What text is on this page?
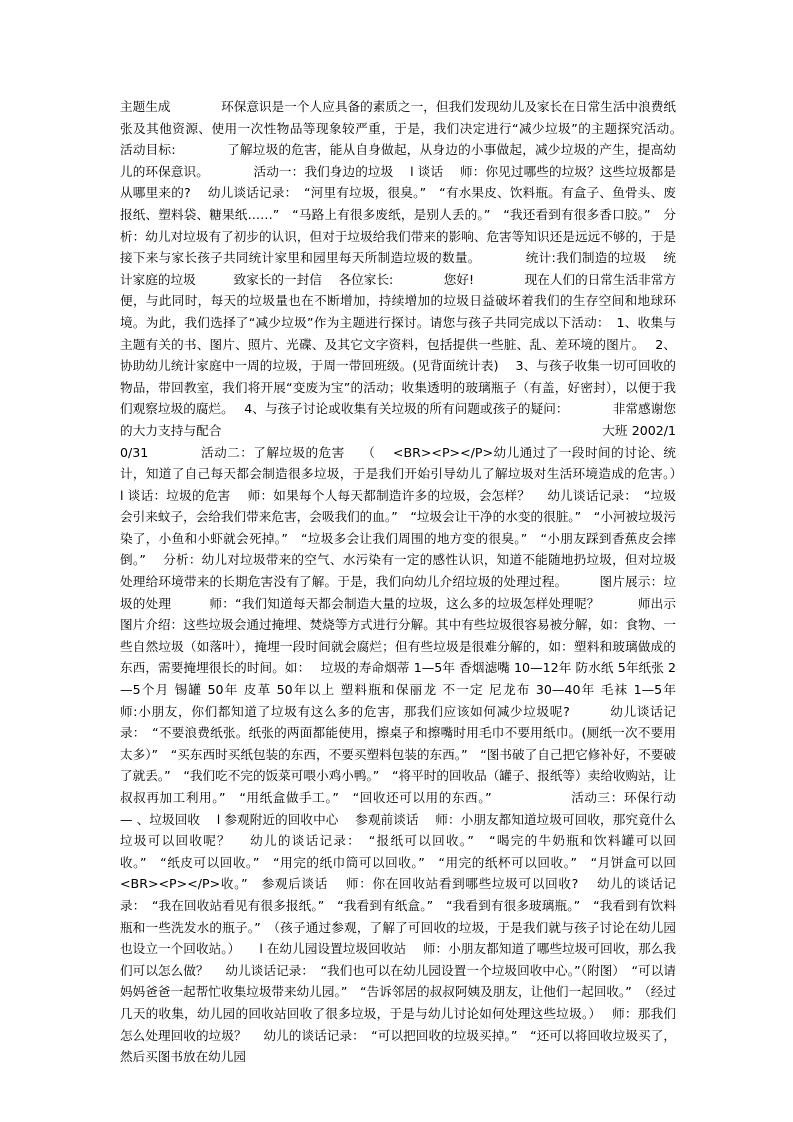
主题生成　　　　环保意识是一个人应具备的素质之一，但我们发现幼儿及家长在日常生活中浪费纸张及其他资源、使用一次性物品等现象较严重，于是，我们决定进行“减少垃圾”的主题探究活动。　　　活动目标:　　　　了解垃圾的危害，能从自身做起，从身边的小事做起，减少垃圾的产生，提高幼儿的环保意识。　　　　活动一：我们身边的垃圾　 l 谈话　 师：你见过哪些的垃圾？这些垃圾都是从哪里来的?　 幼儿谈话记录：　“河里有垃圾，很臭。”　“有水果皮、饮料瓶。有盒子、鱼骨头、废报纸、塑料袋、糖果纸……”　“马路上有很多废纸，是别人丢的。”　“我还看到有很多香口胶。”　分析：幼儿对垃圾有了初步的认识，但对于垃圾给我们带来的影响、危害等知识还是远远不够的，于是接下来与家长孩子共同统计家里和园里每天所制造垃圾的数量。　　　　统计:我们制造的垃圾　 统计家庭的垃圾　　　致家长的一封信　 各位家长:　　　　您好!　　　　现在人们的日常生活非常方便，与此同时，每天的垃圾量也在不断增加，持续增加的垃圾日益破坏着我们的生存空间和地球环境。为此，我们选择了“减少垃圾”作为主题进行探讨。请您与孩子共同完成以下活动：　1、收集与主题有关的书、图片、照片、光碟、及其它文字资料，包括提供一些脏、乱、差环境的图片。　 2、协助幼儿统计家庭中一周的垃圾，于周一带回班级。(见背面统计表)　 3、与孩子收集一切可回收的物品，带回教室，我们将开展“变废为宝”的活动；收集透明的玻璃瓶子（有盖，好密封），以便于我们观察垃圾的腐烂。　 4、与孩子讨论或收集有关垃圾的所有问题或孩子的疑问：　　　　非常感谢您的大力支持与配合　　　　　　　　　　　　　　　　　　　　　　　　　　　　　　大班 2002/10/31　　　　活动二：了解垃圾的危害　 （　 <BR><P></P>幼儿通过了一段时间的讨论、统计，知道了自己每天都会制造很多垃圾，于是我们开始引导幼儿了解垃圾对生活环境造成的危害。）　l 谈话：垃圾的危害　 师：如果每个人每天都制造许多的垃圾，会怎样？　 幼儿谈话记录：　“垃圾会引来蚊子，会给我们带来危害，会吸我们的血。”　“垃圾会让干净的水变的很脏。”　“小河被垃圾污染了，小鱼和小虾就会死掉。”　“垃圾多会让我们周围的地方变的很臭。”　“小朋友踩到香蕉皮会摔倒。”　 分析：幼儿对垃圾带来的空气、水污染有一定的感性认识，知道不能随地扔垃圾，但对垃圾处理给环境带来的长期危害没有了解。于是，我们向幼儿介绍垃圾的处理过程。　　　图片展示：垃圾的处理　　　师：“我们知道每天都会制造大量的垃圾，这么多的垃圾怎样处理呢？　　　师出示图片介绍：这些垃圾会通过掩埋、焚烧等方式进行分解。其中有些垃圾很容易被分解，如：食物、一些自然垃圾（如落叶），掩埋一段时间就会腐烂；但有些垃圾是很难分解的，如：塑料和玻璃做成的东西，需要掩埋很长的时间。如：　 垃圾的寿命烟蒂 1—5年 香烟滤嘴 10—12年 防水纸 5年纸张 2—5个月 锡罐 50年 皮革 50年以上 塑料瓶和保丽龙 不一定 尼龙布 30—40年 毛袜 1—5年　　　师:小朋友，你们都知道了垃圾有这么多的危害，那我们应该如何减少垃圾呢?　　　幼儿谈话记录：　“不要浪费纸张。纸张的两面都能使用，擦桌子和擦嘴时用毛巾不要用纸巾。(厕纸一次不要用太多）”　“买东西时买纸包装的东西，不要买塑料包装的东西。”　“图书破了自己把它修补好，不要破了就丢。”　“我们吃不完的饭菜可喂小鸡小鸭。”　“将平时的回收品（罐子、报纸等）卖给收购站，让叔叔再加工利用。”　“用纸盒做手工。”　“回收还可以用的东西。”　　　　　　活动三：环保行动　　— 、垃圾回收　 l 参观附近的回收中心　 参观前谈话　 师：小朋友都知道垃圾可回收，那究竟什么垃圾可以回收呢？　 幼儿的谈话记录：　“报纸可以回收。”　“喝完的牛奶瓶和饮料罐可以回收。”　“纸皮可以回收。”　“用完的纸巾筒可以回收。”　“用完的纸杯可以回收。”　“月饼盒可以回　　<BR><P></P>收。”　参观后谈话　 师：你在回收站看到哪些垃圾可以回收?　 幼儿的谈话记录：　“我在回收站看见有很多报纸。”　“我看到有纸盒。”　“我看到有很多玻璃瓶。”　“我看到有饮料瓶和一些洗发水的瓶子。”　（孩子通过参观，了解了可回收的垃圾，于是我们就与孩子讨论在幼儿园也设立一个回收站。）　　l 在幼儿园设置垃圾回收站　 师：小朋友都知道了哪些垃圾可回收，那么我们可以怎么做？　 幼儿谈话记录：　“我们也可以在幼儿园设置一个垃圾回收中心。”（附图）　“可以请妈妈爸爸一起帮忙收集垃圾带来幼儿园。”　“告诉邻居的叔叔阿姨及朋友，让他们一起回收。”　（经过几天的收集，幼儿园的回收站回收了很多垃圾，于是与幼儿讨论如何处理这些垃圾。）　 师：那我们怎么处理回收的垃圾？　 幼儿的谈话记录：　“可以把回收的垃圾买掉。”　“还可以将回收垃圾买了，然后买图书放在幼儿园
